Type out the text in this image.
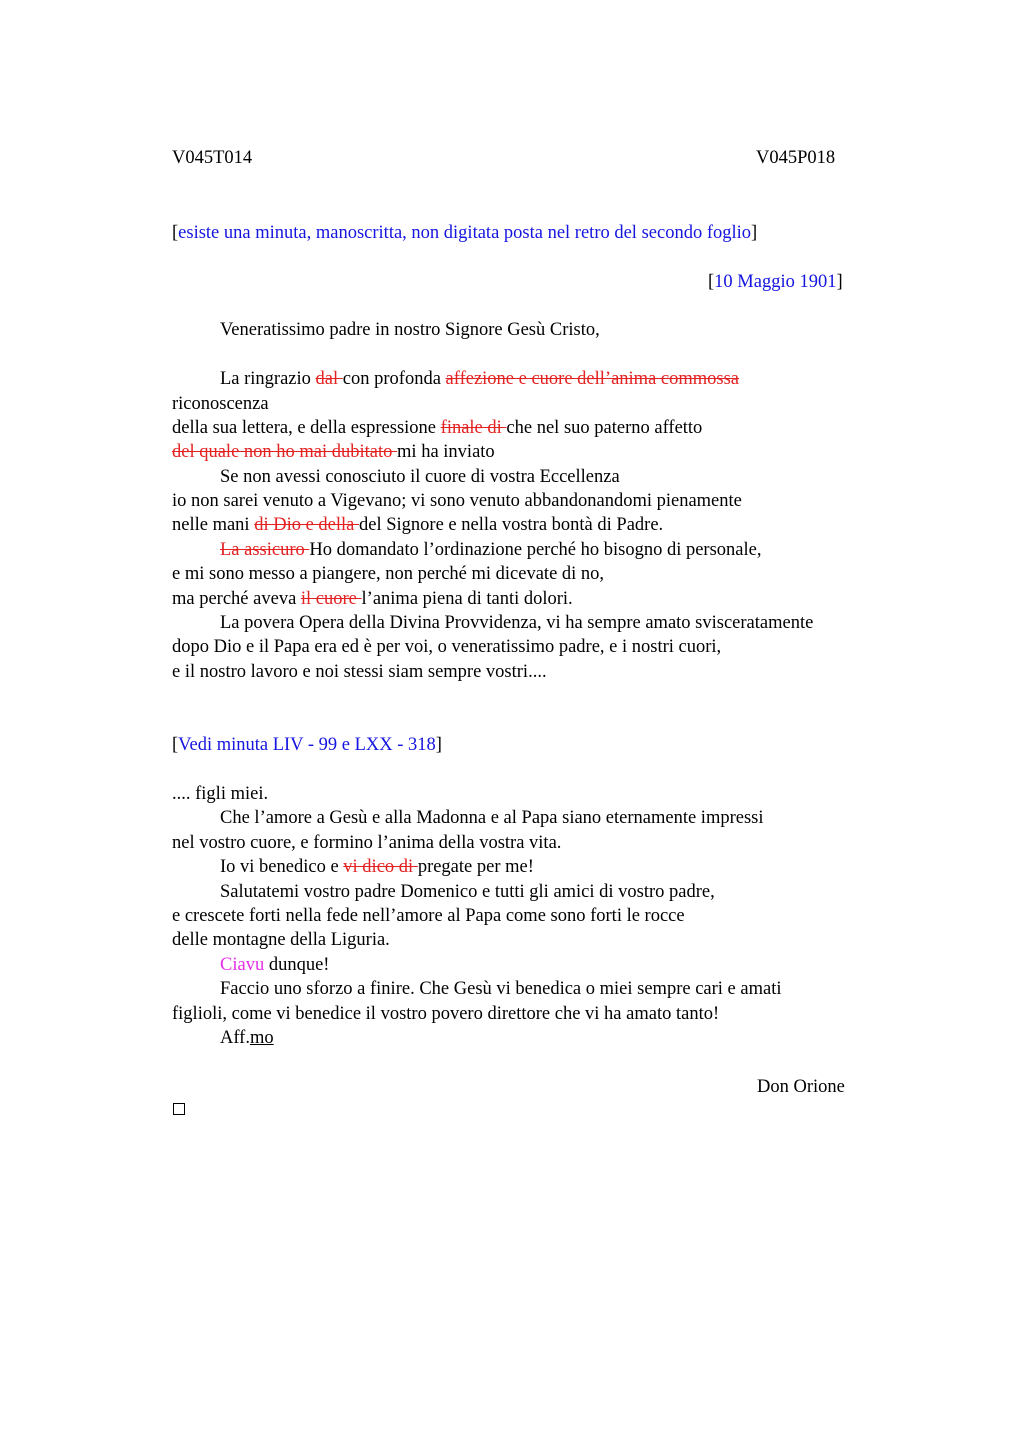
V045T014	V045P018
[esiste una minuta, manoscritta, non digitata posta nel retro del secondo foglio]
[10 Maggio 1901]
Veneratissimo padre in nostro Signore Gesù Cristo,
La ringrazio dal con profonda affezione e cuore dell’anima commossa
riconoscenza
della sua lettera, e della espressione finale di che nel suo paterno affetto
del quale non ho mai dubitato mi ha inviato
Se non avessi conosciuto il cuore di vostra Eccellenza
io non sarei venuto a Vigevano; vi sono venuto abbandonandomi pienamente
nelle mani di Dio e della del Signore e nella vostra bontà di Padre.
La assicuro Ho domandato l’ordinazione perché ho bisogno di personale,
e mi sono messo a piangere, non perché mi dicevate di no,
ma perché aveva il cuore l’anima piena di tanti dolori.
La povera Opera della Divina Provvidenza, vi ha sempre amato svisceratamente
dopo Dio e il Papa era ed è per voi, o veneratissimo padre, e i nostri cuori,
e il nostro lavoro e noi stessi siam sempre vostri....
[Vedi minuta LIV - 99 e LXX - 318]
.... figli miei.
Che l’amore a Gesù e alla Madonna e al Papa siano eternamente impressi
nel vostro cuore, e formino l’anima della vostra vita.
Io vi benedico e vi dico di pregate per me!
Salutatemi vostro padre Domenico e tutti gli amici di vostro padre,
e crescete forti nella fede nell’amore al Papa come sono forti le rocce
delle montagne della Liguria.
Ciavu dunque!
Faccio uno sforzo a finire. Che Gesù vi benedica o miei sempre cari e amati
figlioli, come vi benedice il vostro povero direttore che vi ha amato tanto!
Aff.mo
Don Orione
